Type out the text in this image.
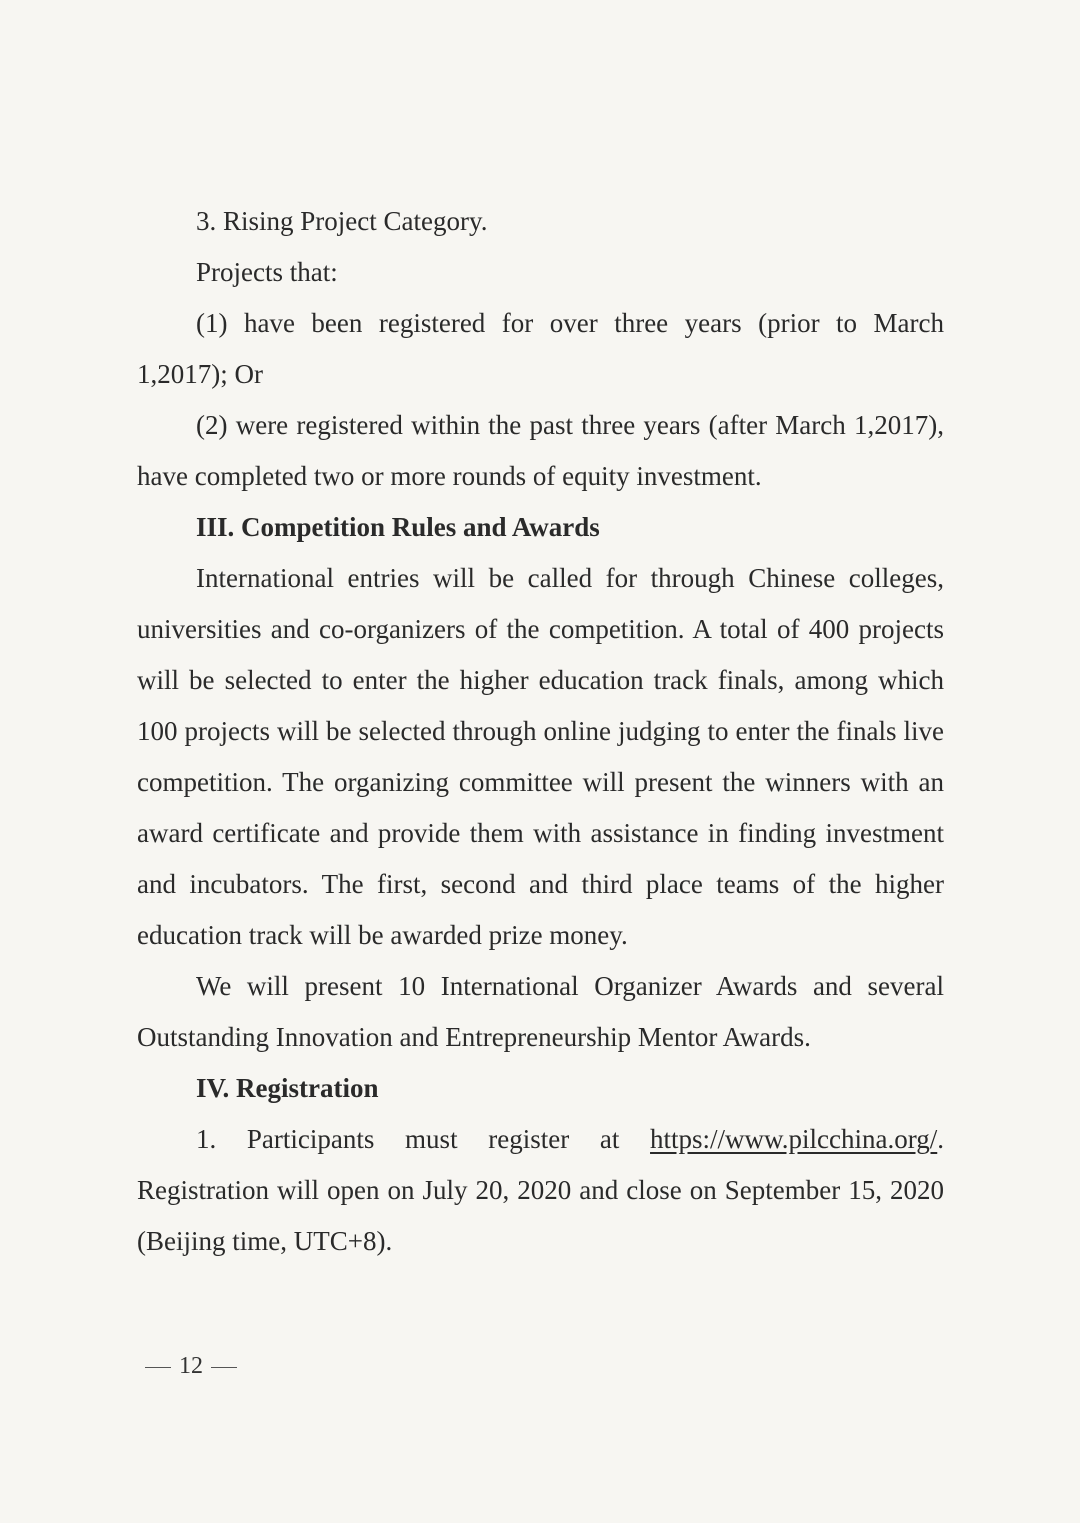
3. Rising Project Category.

Projects that:

(1) have been registered for over three years (prior to March 1,2017); Or

(2) were registered within the past three years (after March 1,2017), have completed two or more rounds of equity investment.

III. Competition Rules and Awards

International entries will be called for through Chinese colleges, universities and co-organizers of the competition. A total of 400 projects will be selected to enter the higher education track finals, among which 100 projects will be selected through online judging to enter the finals live competition. The organizing committee will present the winners with an award certificate and provide them with assistance in finding investment and incubators. The first, second and third place teams of the higher education track will be awarded prize money.

We will present 10 International Organizer Awards and several Outstanding Innovation and Entrepreneurship Mentor Awards.

IV. Registration

1. Participants must register at https://www.pilcchina.org/. Registration will open on July 20, 2020 and close on September 15, 2020 (Beijing time, UTC+8).

12
